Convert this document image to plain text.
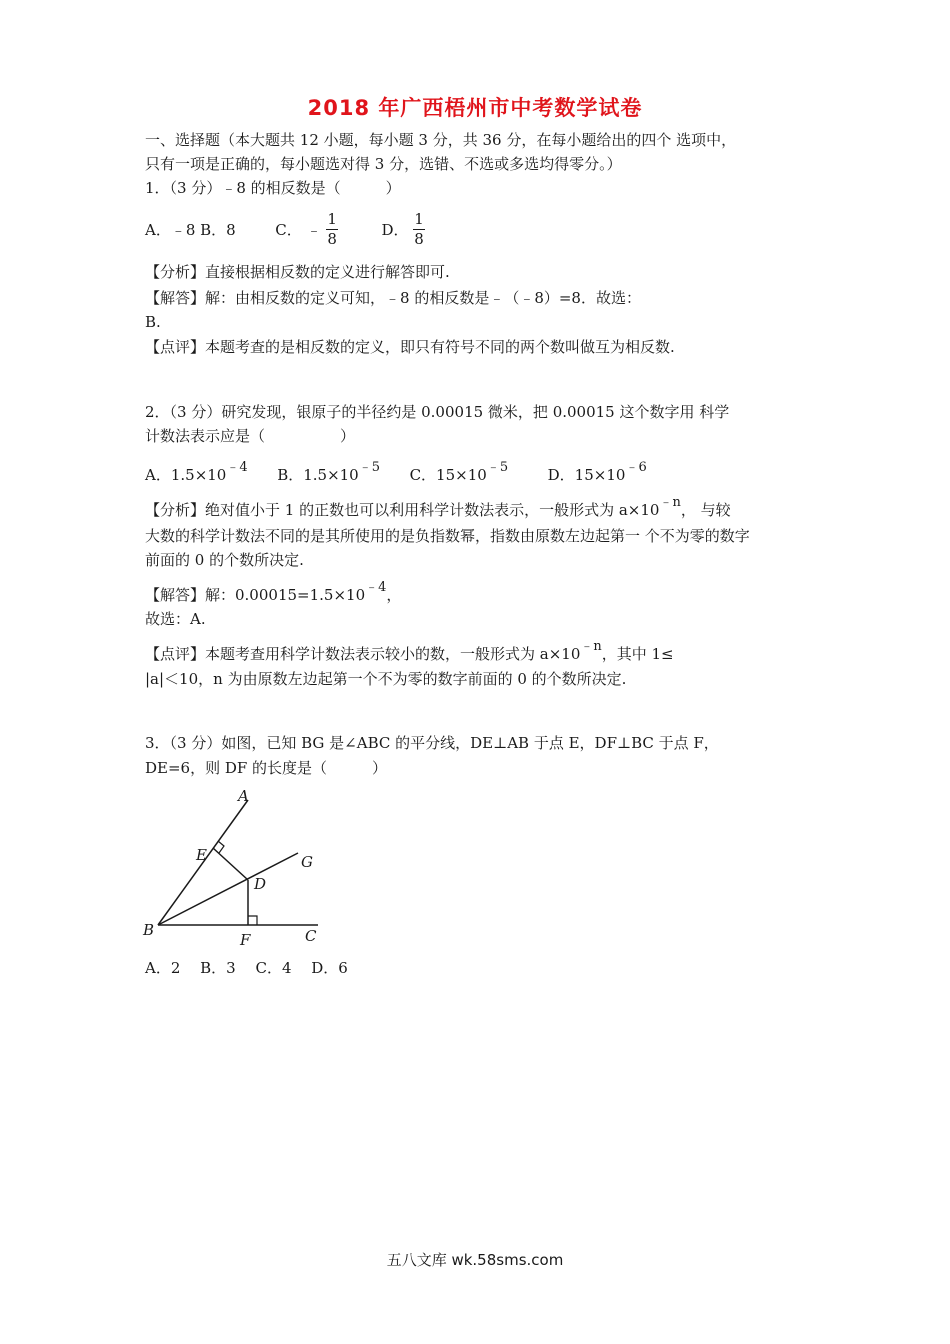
2018 年广西梧州市中考数学试卷
一、选择题（本大题共 12 小题，每小题 3 分，共 36 分，在每小题给出的四个 选项中，
只有一项是正确的，每小题选对得 3 分，选错、不选或多选均得零分。）
1．（3 分）﹣8 的相反数是（　　　）
A．﹣8 B．8	C． ﹣ $\frac{1}{8}$	D． $\frac{1}{8}$
【分析】直接根据相反数的定义进行解答即可.
【解答】解：由相反数的定义可知，﹣8 的相反数是﹣（﹣8）=8．故选：
B.
【点评】本题考查的是相反数的定义，即只有符号不同的两个数叫做互为相反数.
2．（3 分）研究发现，银原子的半径约是 0.00015 微米，把 0.00015 这个数字用 科学
计数法表示应是（　　　　　）
A．1.5×10﹣4 B．1.5×10﹣5 C．15×10﹣5	D．15×10﹣6
【分析】绝对值小于 1 的正数也可以利用科学计数法表示，一般形式为 a×10﹣n， 与较
大数的科学计数法不同的是其所使用的是负指数幂，指数由原数左边起第一 个不为零的数字
前面的 0 的个数所决定.
【解答】解：0.00015=1.5×10﹣4，
故选：A.
【点评】本题考查用科学计数法表示较小的数，一般形式为 a×10﹣n，其中 1≤
|a|＜10，n 为由原数左边起第一个不为零的数字前面的 0 的个数所决定.
3．（3 分）如图，已知 BG 是∠ABC 的平分线，DE⊥AB 于点 E，DF⊥BC 于点 F，
DE=6，则 DF 的长度是（　　　）
A
E	G
D
B
F	C
A．2　 B．3　 C．4　 D．6
五八文库 wk.58sms.com
